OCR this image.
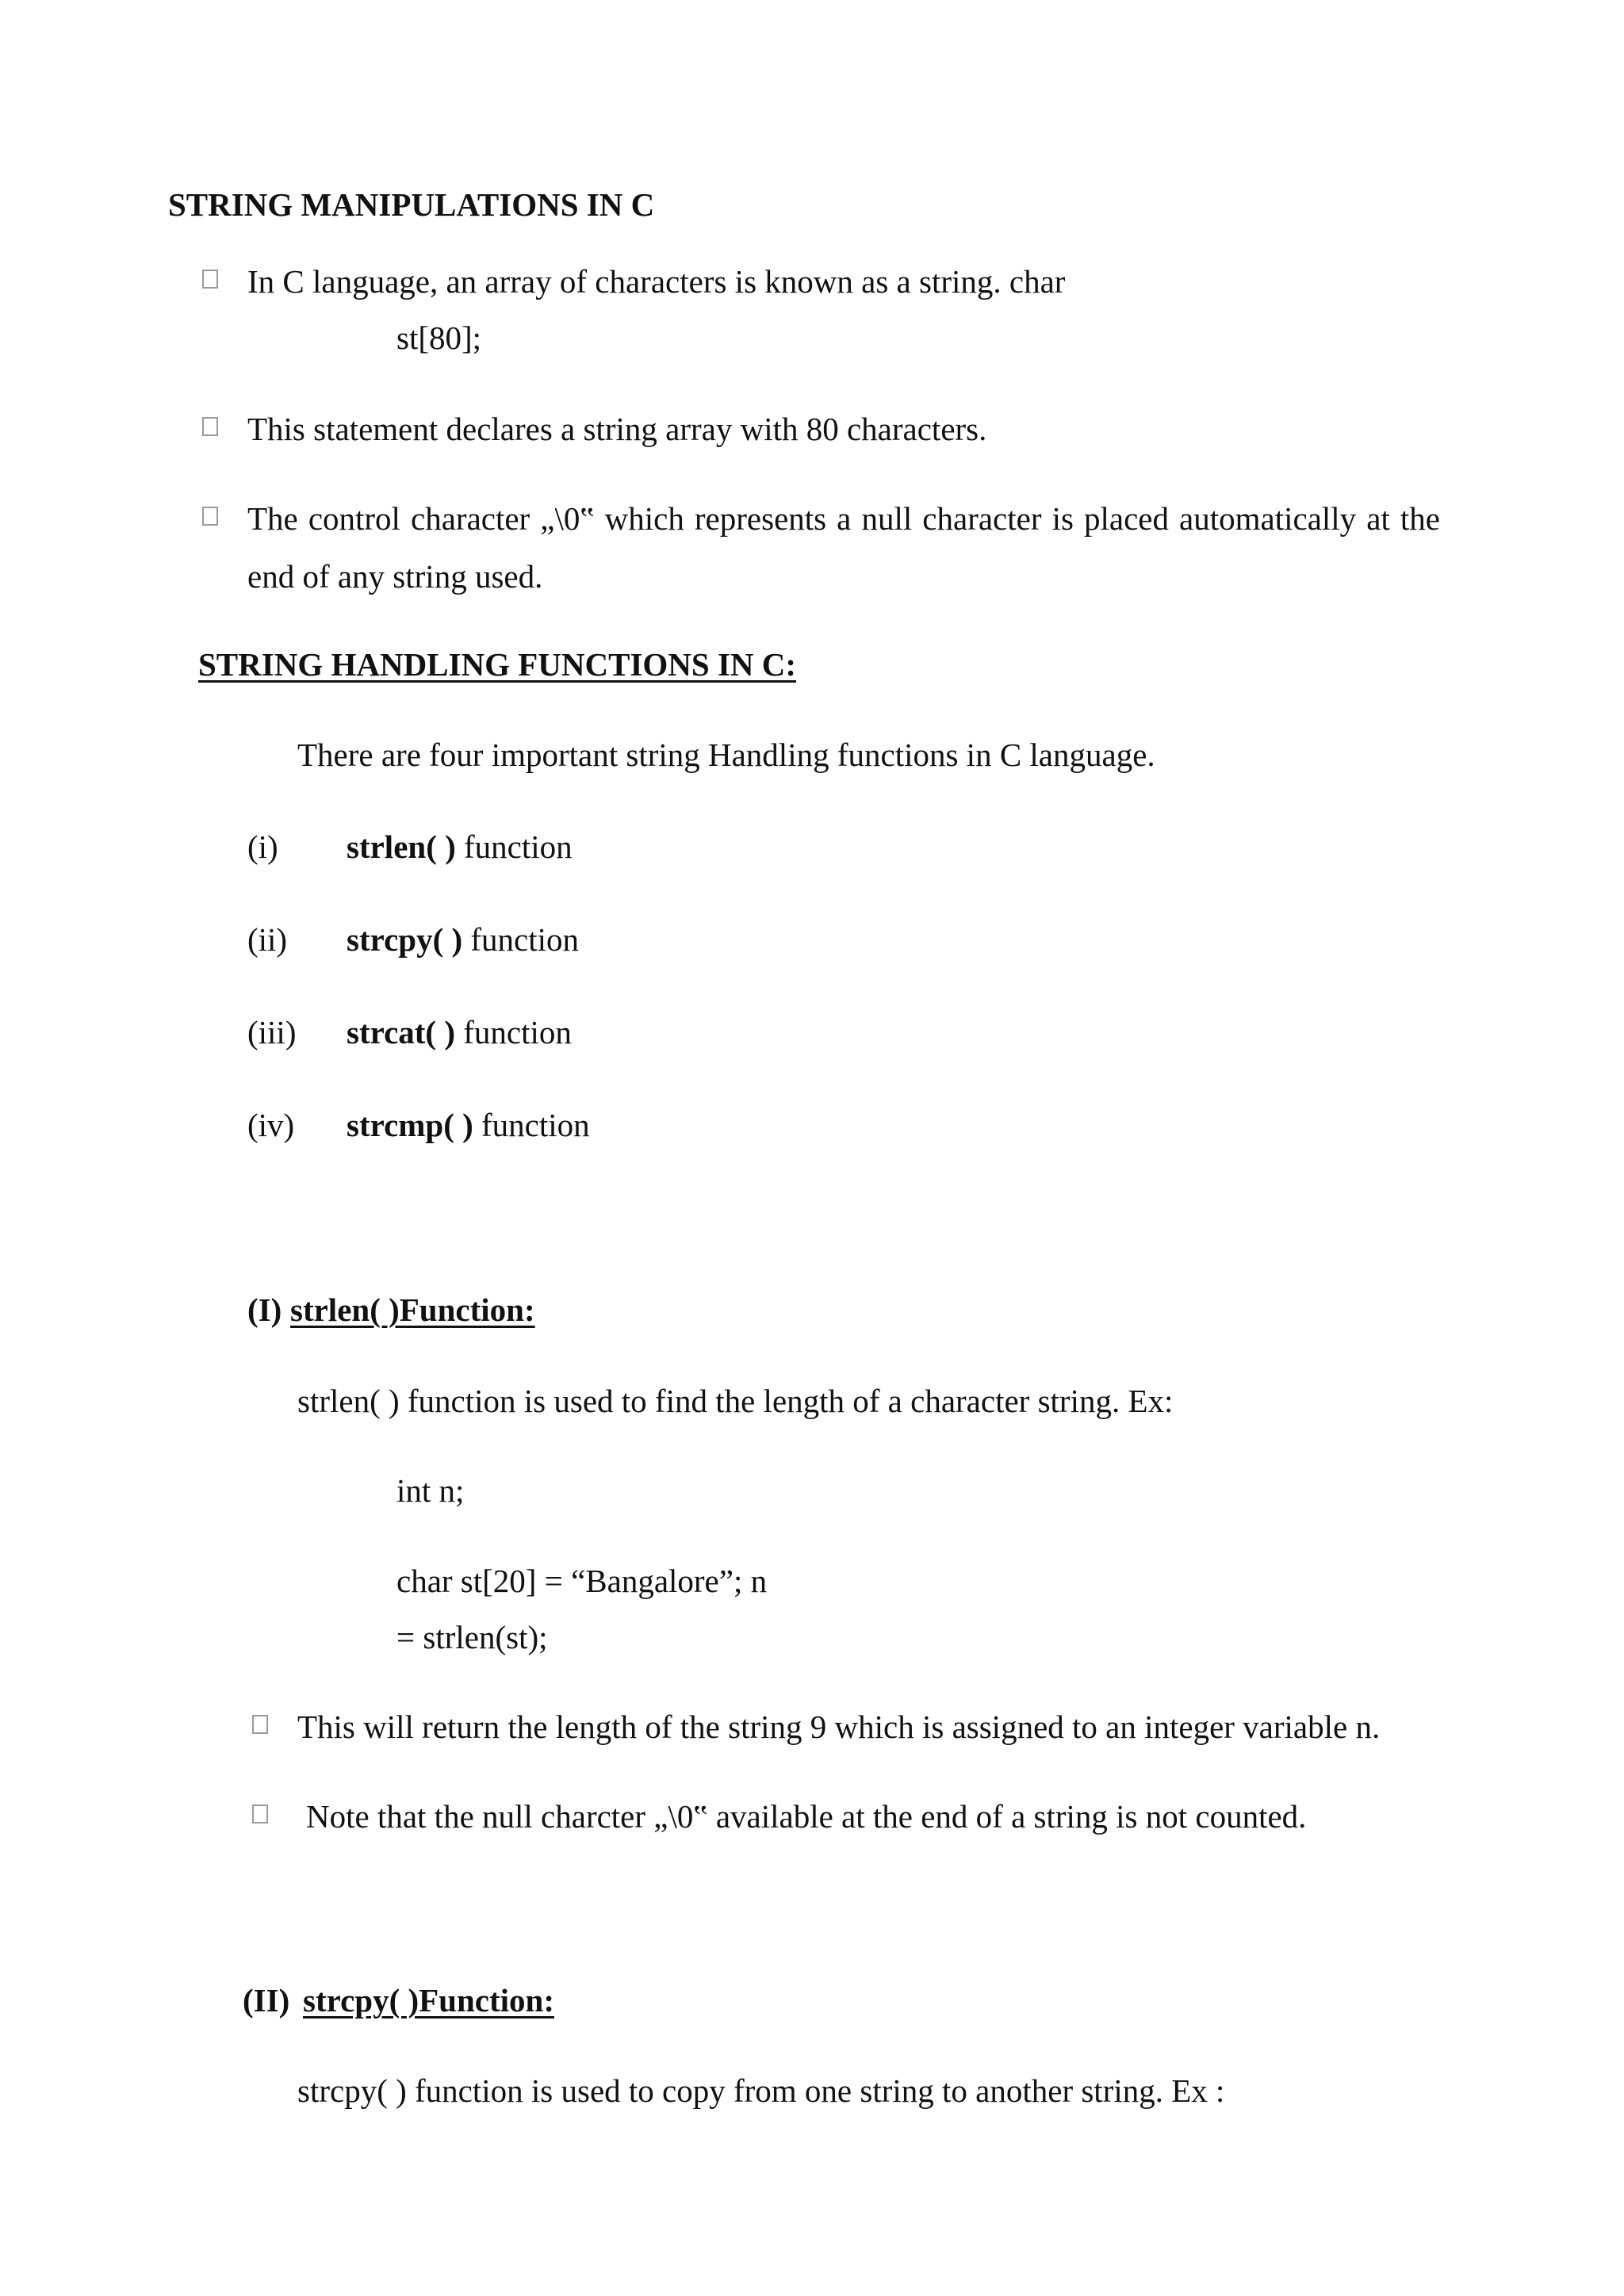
STRING MANIPULATIONS IN C
In C language, an array of characters is known as a string. char
st[80];
This statement declares a string array with 80 characters.
The control character „\0‟ which represents a null character is placed automatically at the
end of any string used.
STRING HANDLING FUNCTIONS IN C:
There are four important string Handling functions in C language.
(i) strlen( ) function
(ii) strcpy( ) function
(iii) strcat( ) function
(iv) strcmp( ) function
(I) strlen( )Function:
strlen( ) function is used to find the length of a character string. Ex:
int n;
char st[20] = “Bangalore”; n
= strlen(st);
This will return the length of the string 9 which is assigned to an integer variable n.
Note that the null charcter „\0‟ available at the end of a string is not counted.
(II) strcpy( )Function:
strcpy( ) function is used to copy from one string to another string. Ex :
